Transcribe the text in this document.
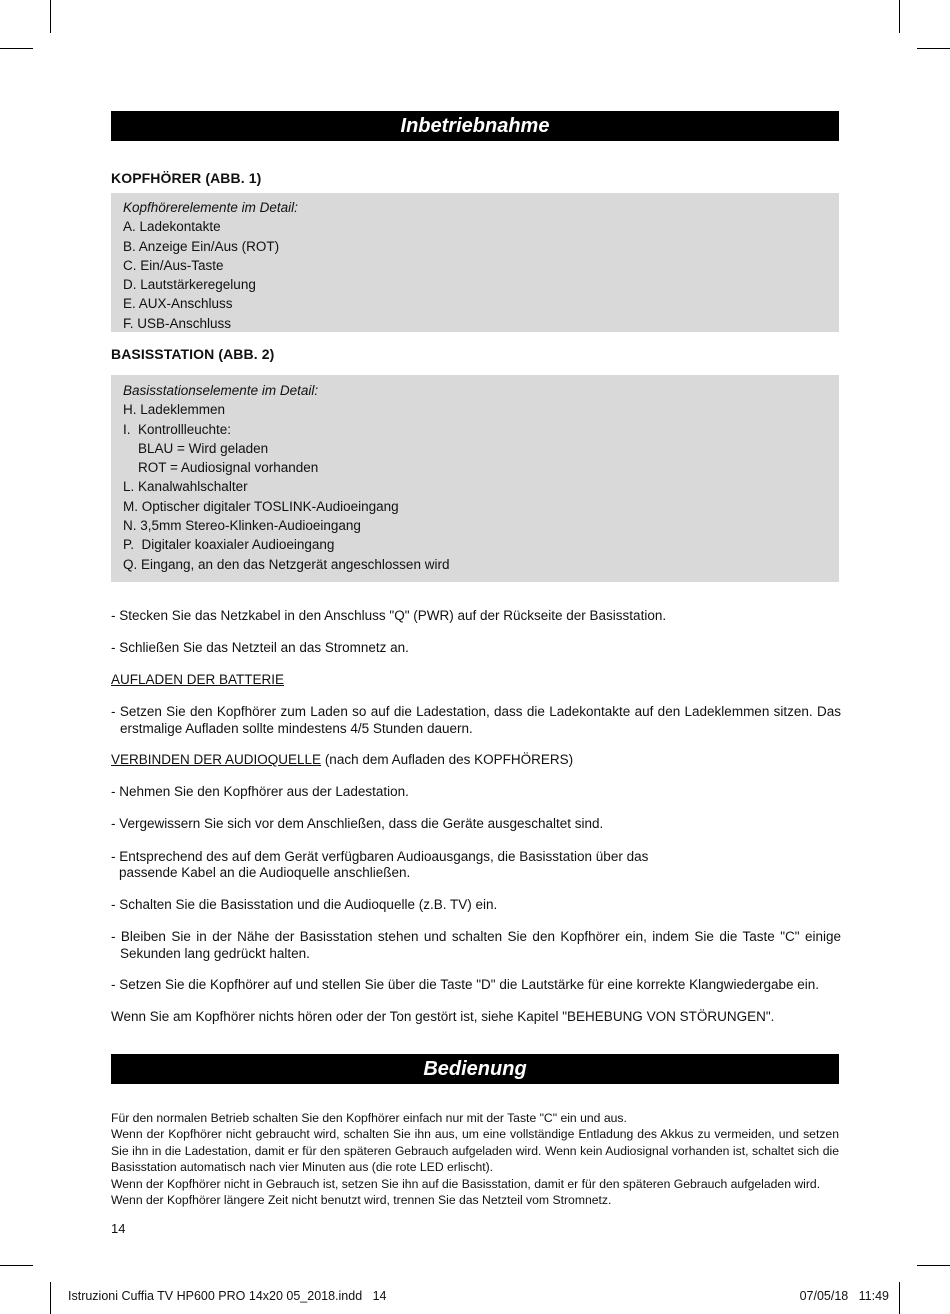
Inbetriebnahme
KOPFHÖRER (ABB. 1)
Kopfhörerelemente im Detail:
A. Ladekontakte
B. Anzeige Ein/Aus (ROT)
C. Ein/Aus-Taste
D. Lautstärkeregelung
E. AUX-Anschluss
F. USB-Anschluss
BASISSTATION (ABB. 2)
Basisstationselemente im Detail:
H. Ladeklemmen
I.  Kontrollleuchte:
BLAU = Wird geladen
ROT = Audiosignal vorhanden
L. Kanalwahlschalter
M. Optischer digitaler TOSLINK-Audioeingang
N. 3,5mm Stereo-Klinken-Audioeingang
P.  Digitaler koaxialer Audioeingang
Q. Eingang, an den das Netzgerät angeschlossen wird
- Stecken Sie das Netzkabel in den Anschluss "Q" (PWR) auf der Rückseite der Basisstation.
- Schließen Sie das Netzteil an das Stromnetz an.
AUFLADEN DER BATTERIE
- Setzen Sie den Kopfhörer zum Laden so auf die Ladestation, dass die Ladekontakte auf den Ladeklemmen sitzen. Das erstmalige Aufladen sollte mindestens 4/5 Stunden dauern.
VERBINDEN DER AUDIOQUELLE (nach dem Aufladen des KOPFHÖRERS)
- Nehmen Sie den Kopfhörer aus der Ladestation.
- Vergewissern Sie sich vor dem Anschließen, dass die Geräte ausgeschaltet sind.
- Entsprechend des auf dem Gerät verfügbaren Audioausgangs, die Basisstation über das
passende Kabel an die Audioquelle anschließen.
- Schalten Sie die Basisstation und die Audioquelle (z.B. TV) ein.
- Bleiben Sie in der Nähe der Basisstation stehen und schalten Sie den Kopfhörer ein, indem Sie die Taste "C" einige Sekunden lang gedrückt halten.
- Setzen Sie die Kopfhörer auf und stellen Sie über die Taste "D" die Lautstärke für eine korrekte Klangwiedergabe ein.
Wenn Sie am Kopfhörer nichts hören oder der Ton gestört ist, siehe Kapitel "BEHEBUNG VON STÖRUNGEN".
Bedienung
Für den normalen Betrieb schalten Sie den Kopfhörer einfach nur mit der Taste "C" ein und aus.
Wenn der Kopfhörer nicht gebraucht wird, schalten Sie ihn aus, um eine vollständige Entladung des Akkus zu vermeiden, und setzen Sie ihn in die Ladestation, damit er für den späteren Gebrauch aufgeladen wird. Wenn kein Audiosignal vorhanden ist, schaltet sich die Basisstation automatisch nach vier Minuten aus (die rote LED erlischt).
Wenn der Kopfhörer nicht in Gebrauch ist, setzen Sie ihn auf die Basisstation, damit er für den späteren Gebrauch aufgeladen wird.
Wenn der Kopfhörer längere Zeit nicht benutzt wird, trennen Sie das Netzteil vom Stromnetz.
14
Istruzioni Cuffia TV HP600 PRO 14x20 05_2018.indd   14	07/05/18   11:49
